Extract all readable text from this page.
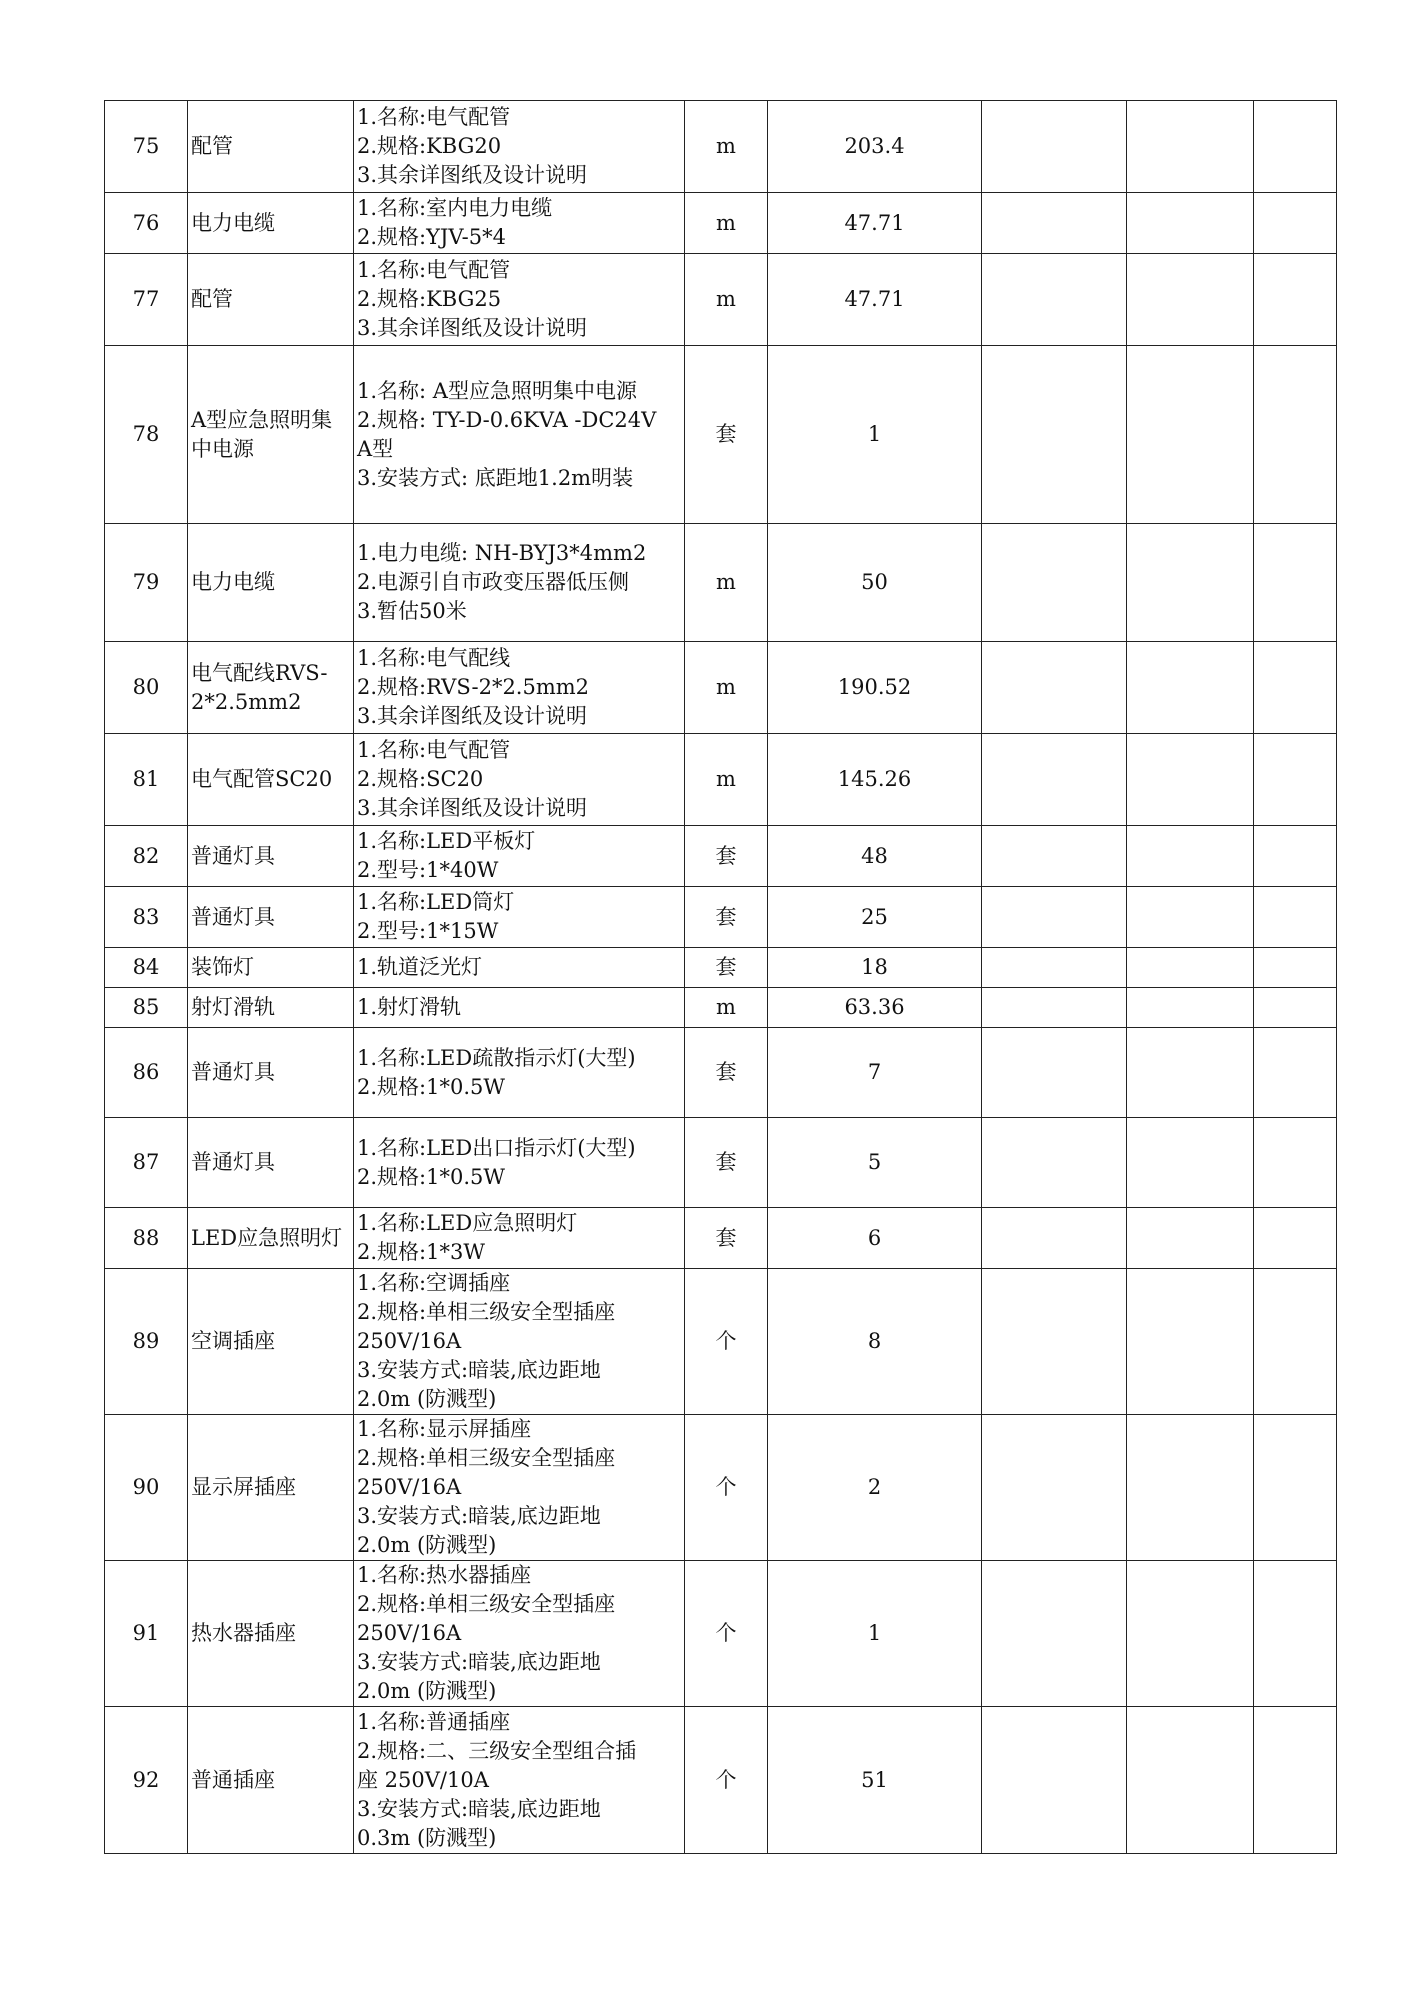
75	配管	1.名称:电气配管
2.规格:KBG20
3.其余详图纸及设计说明	m	203.4			
76	电力电缆	1.名称:室内电力电缆
2.规格:YJV-5*4	m	47.71			
77	配管	1.名称:电气配管
2.规格:KBG25
3.其余详图纸及设计说明	m	47.71			
78	A型应急照明集中电源	1.名称: A型应急照明集中电源
2.规格: TY-D-0.6KVA -DC24V
A型
3.安装方式: 底距地1.2m明装	套	1			
79	电力电缆	1.电力电缆: NH-BYJ3*4mm2
2.电源引自市政变压器低压侧
3.暂估50米	m	50			
80	电气配线RVS-2*2.5mm2	1.名称:电气配线
2.规格:RVS-2*2.5mm2
3.其余详图纸及设计说明	m	190.52			
81	电气配管SC20	1.名称:电气配管
2.规格:SC20
3.其余详图纸及设计说明	m	145.26			
82	普通灯具	1.名称:LED平板灯
2.型号:1*40W	套	48			
83	普通灯具	1.名称:LED筒灯
2.型号:1*15W	套	25			
84	装饰灯	1.轨道泛光灯	套	18			
85	射灯滑轨	1.射灯滑轨	m	63.36			
86	普通灯具	1.名称:LED疏散指示灯(大型)
2.规格:1*0.5W	套	7			
87	普通灯具	1.名称:LED出口指示灯(大型)
2.规格:1*0.5W	套	5			
88	LED应急照明灯	1.名称:LED应急照明灯
2.规格:1*3W	套	6			
89	空调插座	1.名称:空调插座
2.规格:单相三级安全型插座
250V/16A
3.安装方式:暗装,底边距地
2.0m (防溅型)	个	8			
90	显示屏插座	1.名称:显示屏插座
2.规格:单相三级安全型插座
250V/16A
3.安装方式:暗装,底边距地
2.0m (防溅型)	个	2			
91	热水器插座	1.名称:热水器插座
2.规格:单相三级安全型插座
250V/16A
3.安装方式:暗装,底边距地
2.0m (防溅型)	个	1			
92	普通插座	1.名称:普通插座
2.规格:二、三级安全型组合插
座 250V/10A
3.安装方式:暗装,底边距地
0.3m (防溅型)	个	51			
